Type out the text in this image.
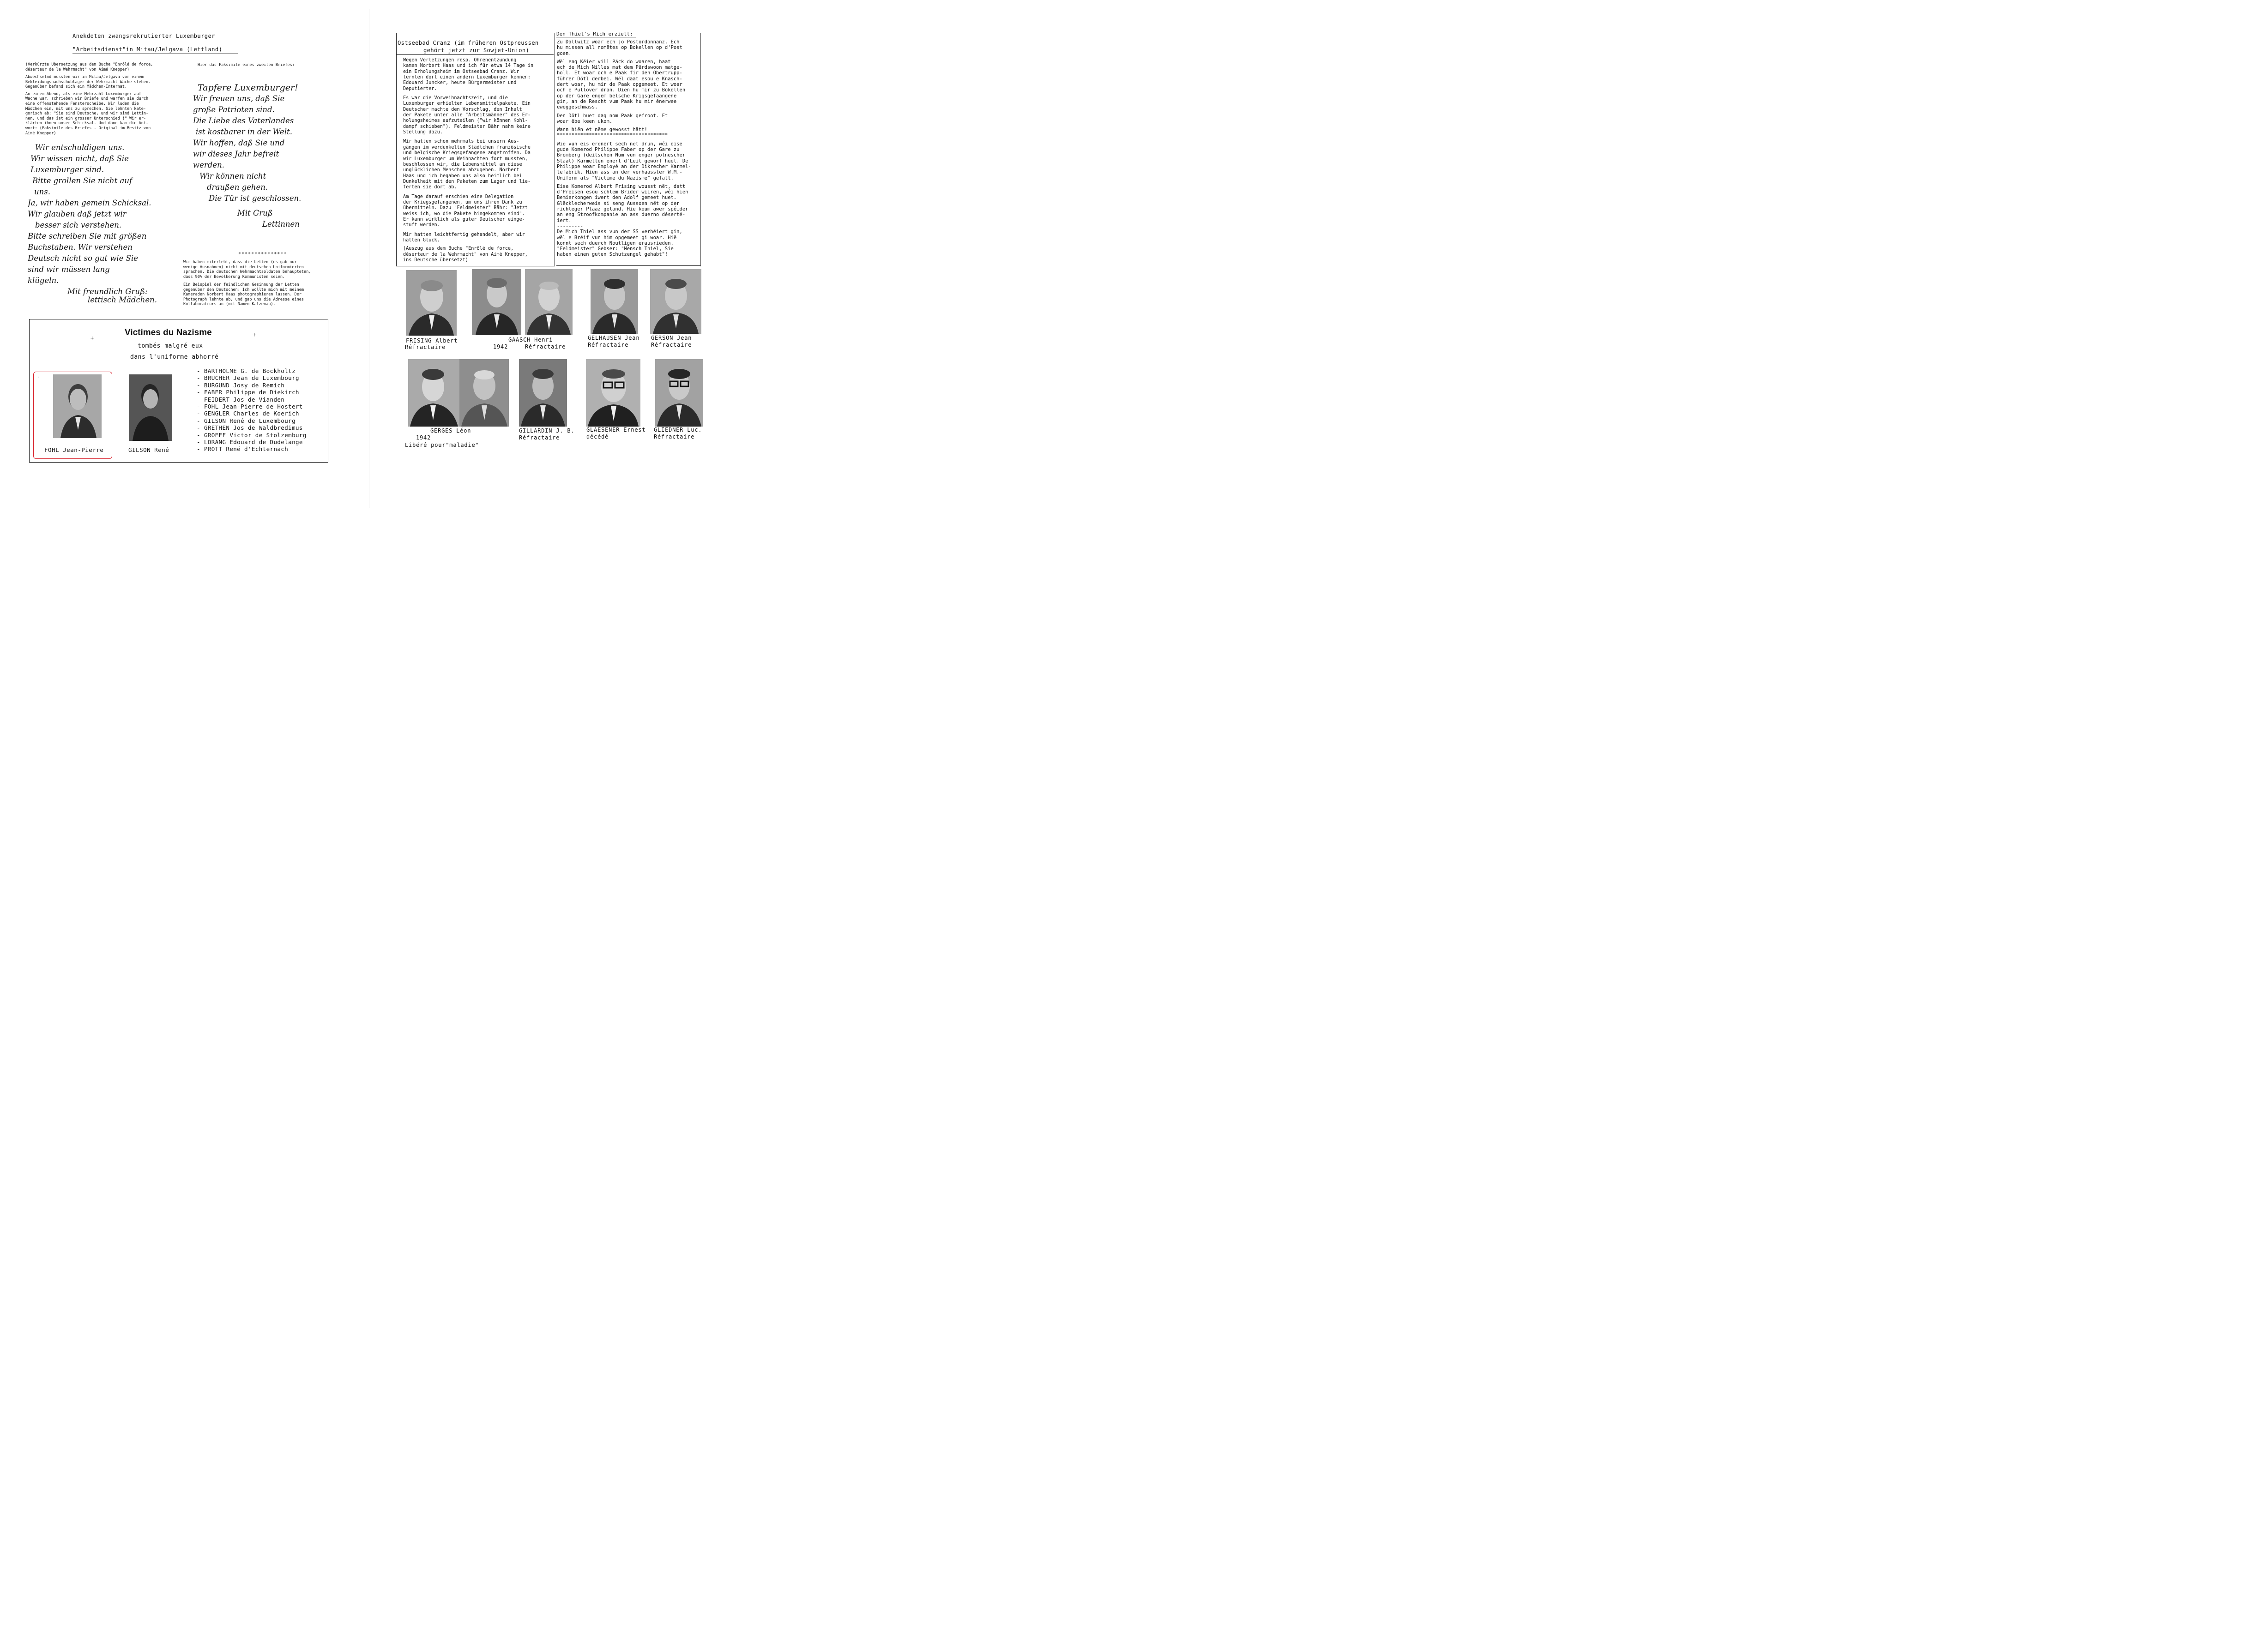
Anekdoten zwangsrekrutierter Luxemburger
"Arbeitsdienst"in Mitau/Jelgava (Lettland)
(Verkürzte Übersetzung aus dem Buche "Enrôlé de force,
déserteur de la Wehrmacht" von Aimé Knepper)
Abwechselnd mussten wir in Mitau/Jelgava vor einem
Bekleidungsnachschublager der Wehrmacht Wache stehen.
Gegenüber befand sich ein Mädchen-Internat.
An einem Abend, als eine Mehrzahl Luxemburger auf
Wache war, schrieben wir Briefe und warfen sie durch
eine offenstehende Fensterscheibe. Wir luden die
Mädchen ein, mit uns zu sprechen. Sie lehnten kate-
gorisch ab: "Sie sind Deutsche, und wir sind Lettin-
nen, und das ist ein grosser Unterschied !" Wir er-
klärten ihnen unser Schicksal. Und dann kam die Ant-
wort: (Faksimile des Briefes - Original im Besitz von
Aimé Knepper)
Hier das Faksimile eines zweiten Briefes:
Wir entschuldigen uns.
Wir wissen nicht, daß Sie
Luxemburger sind.
Bitte grollen Sie nicht auf
uns.
Ja, wir haben gemein Schicksal.
Wir glauben daß jetzt wir
besser sich verstehen.
Bitte schreiben Sie mit größen
Buchstaben. Wir verstehen
Deutsch nicht so gut wie Sie
sind wir müssen lang
klügeln.
Mit freundlich Gruß:
lettisch Mädchen.
Tapfere Luxemburger!
Wir freuen uns, daß Sie
große Patrioten sind.
Die Liebe des Vaterlandes
ist kostbarer in der Welt.
Wir hoffen, daß Sie und
wir dieses Jahr befreit
werden.
Wir können nicht
draußen gehen.
Die Tür ist geschlossen.
Mit Gruß
Lettinnen
***************
Wir haben miterlebt, dass die Letten (es gab nur
wenige Ausnahmen) nicht mit deutschen Uniformierten
sprachen. Die deutschen Wehrmachtsoldaten behaupteten,
dass 90% der Bevölkerung Kommunisten seien.
Ein Beispiel der feindlichen Gesinnung der Letten
gegenüber den Deutschen: Ich wollte mich mit meinem
Kameraden Norbert Haas photographieren lassen. Der
Photograph lehnte ab, und gab uns die Adresse eines
Kollaboratrurs an (mit Namen Kalzenau).
Victimes du Nazisme
+	+
tombés malgré eux
dans l'uniforme abhorré
-
FOHL Jean-Pierre	GILSON René
- BARTHOLME G. de Bockholtz
- BRUCHER Jean de Luxembourg
- BURGUND Josy de Remich
- FABER Philippe de Diekirch
- FEIDERT Jos de Vianden
- FOHL Jean-Pierre de Hostert
- GENGLER Charles de Koerich
- GILSON René de Luxembourg
- GRETHEN Jos de Waldbredimus
- GROEFF Victor de Stolzemburg
- LORANG Edouard de Dudelange
- PROTT René d'Echternach
Ostseebad Cranz (im früheren Ostpreussen
gehört jetzt zur Sowjet-Union)
Wegen Verletzungen resp. Ohrenentzündung
kamen Norbert Haas und ich für etwa 14 Tage in
ein Erholungsheim im Ostseebad Cranz. Wir
lernten dort einen andern Luxemburger kennen:
Edouard Juncker, heute Bürgermeister und
Deputierter.
Es war die Vorweihnachtszeit, und die
Luxemburger erhielten Lebensmittelpakete. Ein
Deutscher machte den Vorschlag, den Inhalt
der Pakete unter alle "Arbeitsmänner" des Er-
holungsheimes aufzuteilen ("wir können Kohl-
dampf schieben"). Feldmeister Bähr nahm keine
Stellung dazu.
Wir hatten schon mehrmals bei unsern Aus-
gängen im verdunkelten Städtchen französische
und belgische Kriegsgefangene angetroffen. Da
wir Luxemburger um Weihnachten fort mussten,
beschlossen wir, die Lebensmittel an diese
unglücklichen Menschen abzugeben. Norbert
Haas und ich begaben uns also heimlich bei
Dunkelheit mit den Paketen zum Lager und lie-
ferten sie dort ab.
Am Tage darauf erschien eine Delegation
der Kriegsgefangenen, um uns ihren Dank zu
übermitteln. Dazu "Feldmeister" Bähr: "Jetzt
weiss ich, wo die Pakete hingekommen sind".
Er kann wirklich als guter Deutscher einge-
stuft werden.
Wir hatten leichtfertig gehandelt, aber wir
hatten Glück.
(Auszug aus dem Buche "Enrôlé de force,
déserteur de la Wehrmacht" von Aimé Knepper,
ins Deutsche übersetzt)
Den Thiel's Mich erzielt:
Zu Dallwitz woar ech jo Postordonnanz. Ech
hu missen all nomëtes op Bokellen op d'Post
goen.
Wël eng Kéier vill Päck do woaren, haat
ech de Mich Nilles mat dem Pärdswoon matge-
holl. Et woar och e Paak fir den Obertrupp-
führer Dötl derbei. Wël daat esou e Knasch-
dert woar, hu mir de Paak opgemeet. Et woar
och e Pullover dran. Dien hu mir zu Bokellen
op der Gare engem belsche Krigsgefaangene
gin, an de Rescht vum Paak hu mir ênerwee
eweggeschmass.
Den Dötl huet dag nom Paak gefroot. Et
woar ëbe keen ukom.
Wann hiën ët nëme gewosst hätt!
**************************************
Wië vun eis erënert sech nët drun, wéi eise
gude Komerod Philippe Faber op der Gare zu
Bromberg (deitschen Num vun enger polnescher
Staat) Karmellen ënert d'Leit geworf huet. De
Philippe woar Employé an der Dikrecher Karmel-
lefabrik. Hiën ass an der verhaasster W.M.-
Uniform als "Victime du Nazisme" gefall.
Eise Komerod Albert Frising wousst nët, datt
d'Preisen esou schlëm Brider wiiren, wéi hiën
Bemierkongen iwert den Adolf gemeet huet.
Glëcklecherweis si seng Aussoen nët op der
richteger Plaaz geland. Hië koum awer spéider
an eng Stroofkompanie an ass duerno déserté-
iert.
---------
De Mich Thiel ass vun der SS verhéiert gin,
wël e Bréif vun him opgemeet gi woar. Hië
konnt sech duerch Noutligen erausrieden.
"Feldmeister" Gebser: "Mensch Thiel, Sie
haben einen guten Schutzengel gehabt"!
FRISING Albert
Réfractaire
GAASCH Henri
1942	Réfractaire
GELHAUSEN Jean
Réfractaire
GERSON Jean
Réfractaire
GERGES Léon
1942
Libéré pour"maladie"
GILLARDIN J.-B.
Réfractaire
GLAESENER Ernest
décédé
GLIEDNER Luc.
Réfractaire
